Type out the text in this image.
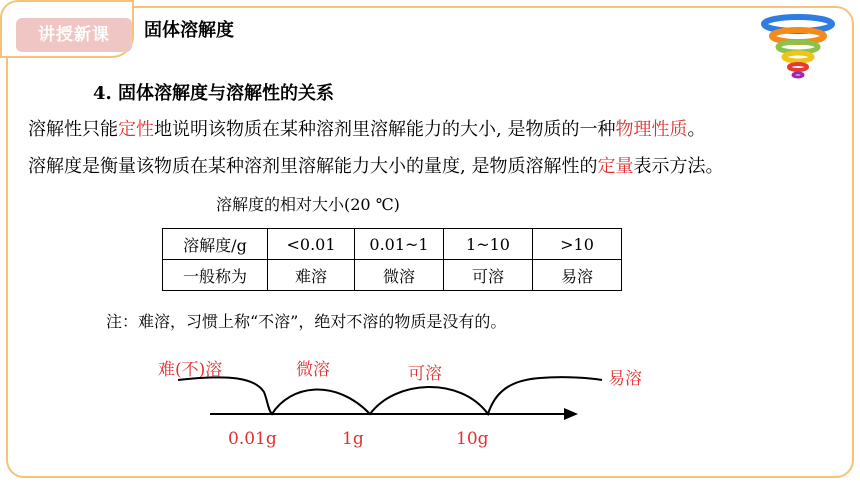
讲授新课	固体溶解度
4. 固体溶解度与溶解性的关系
溶解性只能定性地说明该物质在某种溶剂里溶解能力的大小, 是物质的一种物理性质。
溶解度是衡量该物质在某种溶剂里溶解能力大小的量度, 是物质溶解性的定量表示方法。
溶解度的相对大小(20 ℃)
溶解度/g	<0.01	0.01~1	1~10	>10
一般称为	难溶	微溶	可溶	易溶
注：难溶，习惯上称“不溶”，绝对不溶的物质是没有的。
难(不)溶	微溶	可溶	易溶
0.01g	1g	10g
